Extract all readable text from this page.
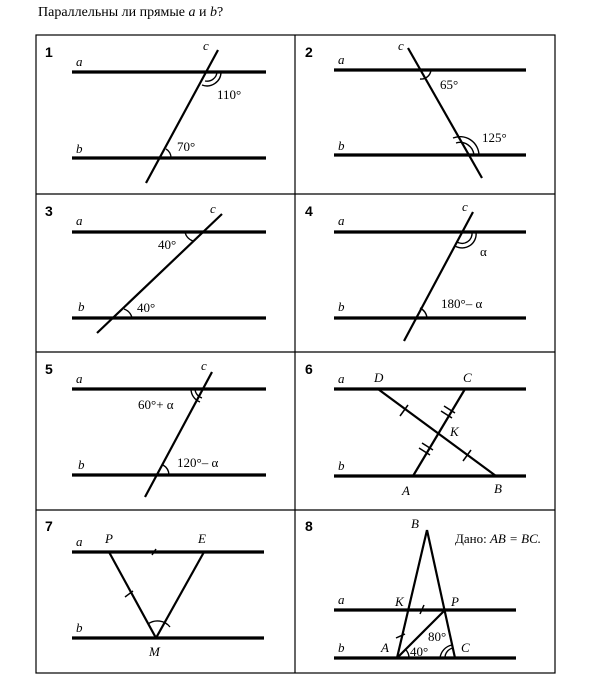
Параллельны ли прямые a и b?
1
a
b
c
110°
70°
2 a
b
c
65°
125°
3
a
b
c
40°
40°
4
a
b
c
α
180°– α
5
a
b
c
60°+ α
120°– α
6
a
b
D	C
K
A	B
7
a
b
P	E
M
8
a
b
B
K	P
A	C
40°
80°
Дано: AB = BC.
